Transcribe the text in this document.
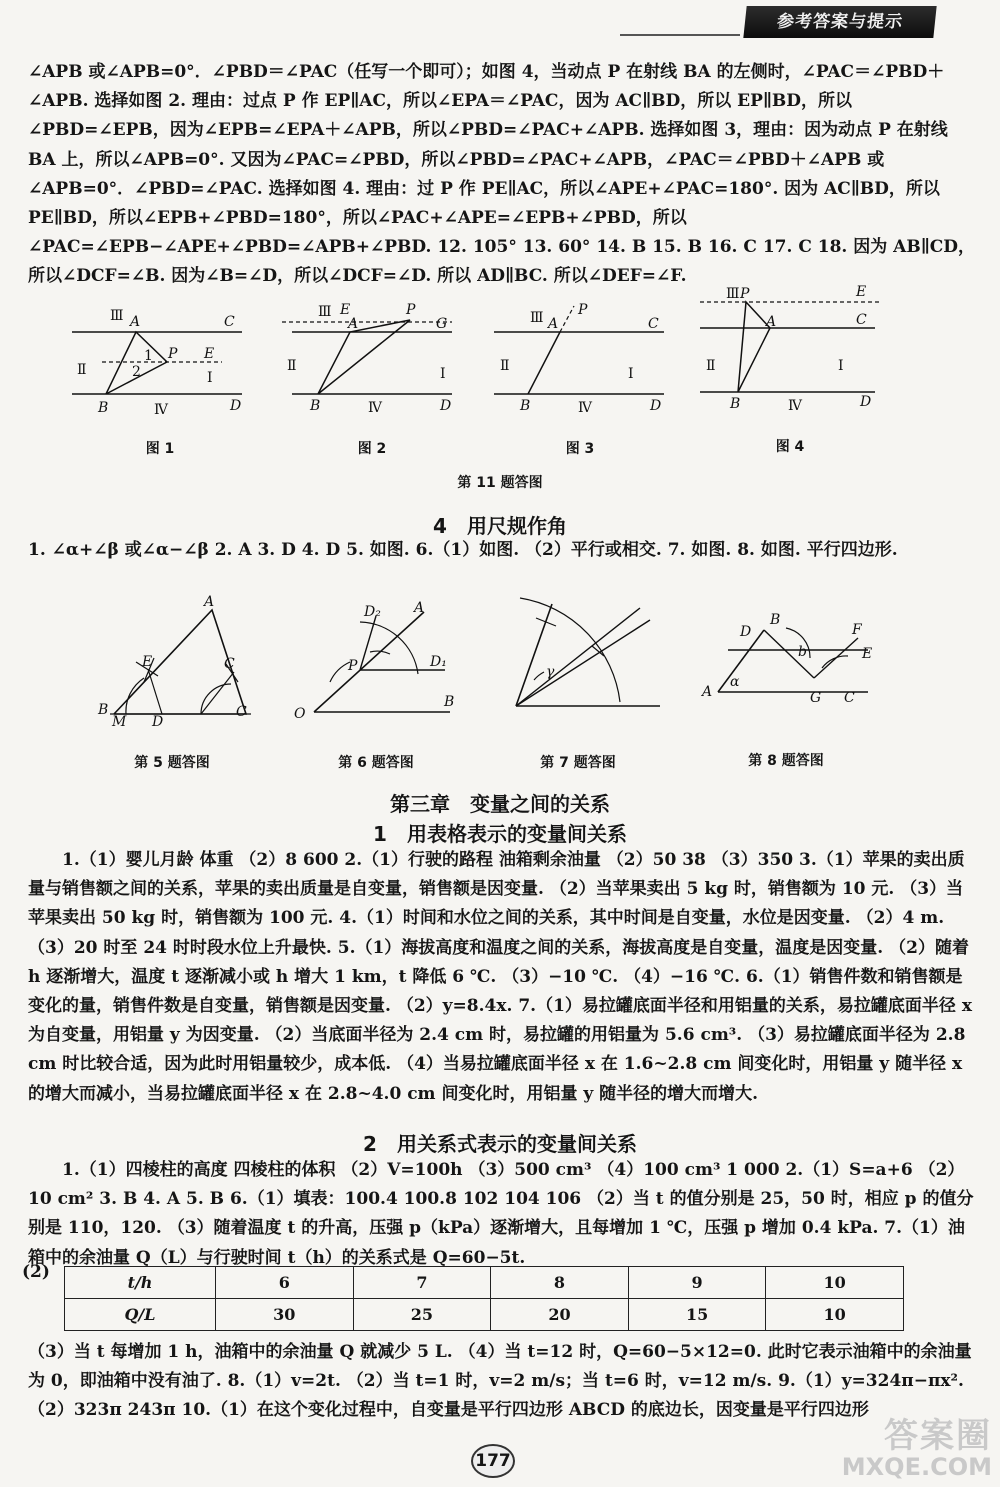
参考答案与提示

∠APB 或∠APB=0°．∠PBD＝∠PAC（任写一个即可）；如图 4，当动点 P 在射线 BA 的左侧时，∠PAC＝∠PBD＋∠APB. 选择如图 2. 理由：过点 P 作 EP∥AC，所以∠EPA＝∠PAC，因为 AC∥BD，所以 EP∥BD，所以∠PBD=∠EPB，因为∠EPB=∠EPA＋∠APB，所以∠PBD=∠PAC+∠APB. 选择如图 3，理由：因为动点 P 在射线 BA 上，所以∠APB=0°. 又因为∠PAC=∠PBD，所以∠PBD=∠PAC+∠APB，∠PAC＝∠PBD＋∠APB 或∠APB=0°．∠PBD=∠PAC. 选择如图 4. 理由：过 P 作 PE∥AC，所以∠APE+∠PAC=180°. 因为 AC∥BD，所以 PE∥BD，所以∠EPB+∠PBD=180°，所以∠PAC+∠APE=∠EPB+∠PBD，所以∠PAC=∠EPB−∠APE+∠PBD=∠APB+∠PBD. 12. 105° 13. 60° 14. B 15. B 16. C 17. C 18. 因为 AB∥CD，所以∠DCF=∠B. 因为∠B=∠D，所以∠DCF=∠D. 所以 AD∥BC. 所以∠DEF=∠F.

Ⅲ A	C
P E
Ⅱ	Ⅰ
1
2
B	Ⅳ	D
图 1
Ⅲ E
A
P
G
Ⅱ	Ⅰ
B	Ⅳ	D
图 2
Ⅲ A
P
C
Ⅱ	Ⅰ
B	Ⅳ	D
图 3
Ⅲ P	E
A	C
Ⅱ	Ⅰ
B	Ⅳ	D
图 4
第 11 题答图
4　用尺规作角

1. ∠α+∠β 或∠α−∠β 2. A 3. D 4. D 5. 如图. 6.（1）如图. （2）平行或相交. 7. 如图. 8. 如图. 平行四边形.

A
E	C
B
M D
C
第 5 题答图
A
D₂
P	D₁
O
B
第 6 题答图
γ
第 7 题答图
D
B
b
F
E
A
α
G C
第 8 题答图
第三章　变量之间的关系
1　用表格表示的变量间关系

1.（1）婴儿月龄 体重 （2）8 600 2.（1）行驶的路程 油箱剩余油量 （2）50 38 （3）350 3.（1）苹果的卖出质量与销售额之间的关系，苹果的卖出质量是自变量，销售额是因变量. （2）当苹果卖出 5 kg 时，销售额为 10 元. （3）当苹果卖出 50 kg 时，销售额为 100 元. 4.（1）时间和水位之间的关系，其中时间是自变量，水位是因变量. （2）4 m. （3）20 时至 24 时时段水位上升最快. 5.（1）海拔高度和温度之间的关系，海拔高度是自变量，温度是因变量. （2）随着 h 逐渐增大，温度 t 逐渐减小或 h 增大 1 km，t 降低 6 ℃. （3）−10 ℃. （4）−16 ℃. 6.（1）销售件数和销售额是变化的量，销售件数是自变量，销售额是因变量. （2）y=8.4x. 7.（1）易拉罐底面半径和用铝量的关系，易拉罐底面半径 x 为自变量，用铝量 y 为因变量. （2）当底面半径为 2.4 cm 时，易拉罐的用铝量为 5.6 cm³. （3）易拉罐底面半径为 2.8 cm 时比较合适，因为此时用铝量较少，成本低. （4）当易拉罐底面半径 x 在 1.6~2.8 cm 间变化时，用铝量 y 随半径 x 的增大而减小，当易拉罐底面半径 x 在 2.8~4.0 cm 间变化时，用铝量 y 随半径的增大而增大.

2　用关系式表示的变量间关系

1.（1）四棱柱的高度 四棱柱的体积 （2）V=100h （3）500 cm³ （4）100 cm³ 1 000 2.（1）S=a+6 （2）10 cm² 3. B 4. A 5. B 6.（1）填表：100.4 100.8 102 104 106 （2）当 t 的值分别是 25，50 时，相应 p 的值分别是 110，120. （3）随着温度 t 的升高，压强 p（kPa）逐渐增大，且每增加 1 ℃，压强 p 增加 0.4 kPa. 7.（1）油箱中的余油量 Q（L）与行驶时间 t（h）的关系式是 Q=60−5t.

(2)
t/h	6	7	8	9	10
Q/L	30	25	20	15	10

（3）当 t 每增加 1 h，油箱中的余油量 Q 就减少 5 L. （4）当 t=12 时，Q=60−5×12=0. 此时它表示油箱中的余油量为 0，即油箱中没有油了. 8.（1）v=2t. （2）当 t=1 时，v=2 m/s；当 t=6 时，v=12 m/s. 9.（1）y=324π−πx². （2）323π 243π 10.（1）在这个变化过程中，自变量是平行四边形 ABCD 的底边长，因变量是平行四边形

177
答案圈
MXQE.COM
